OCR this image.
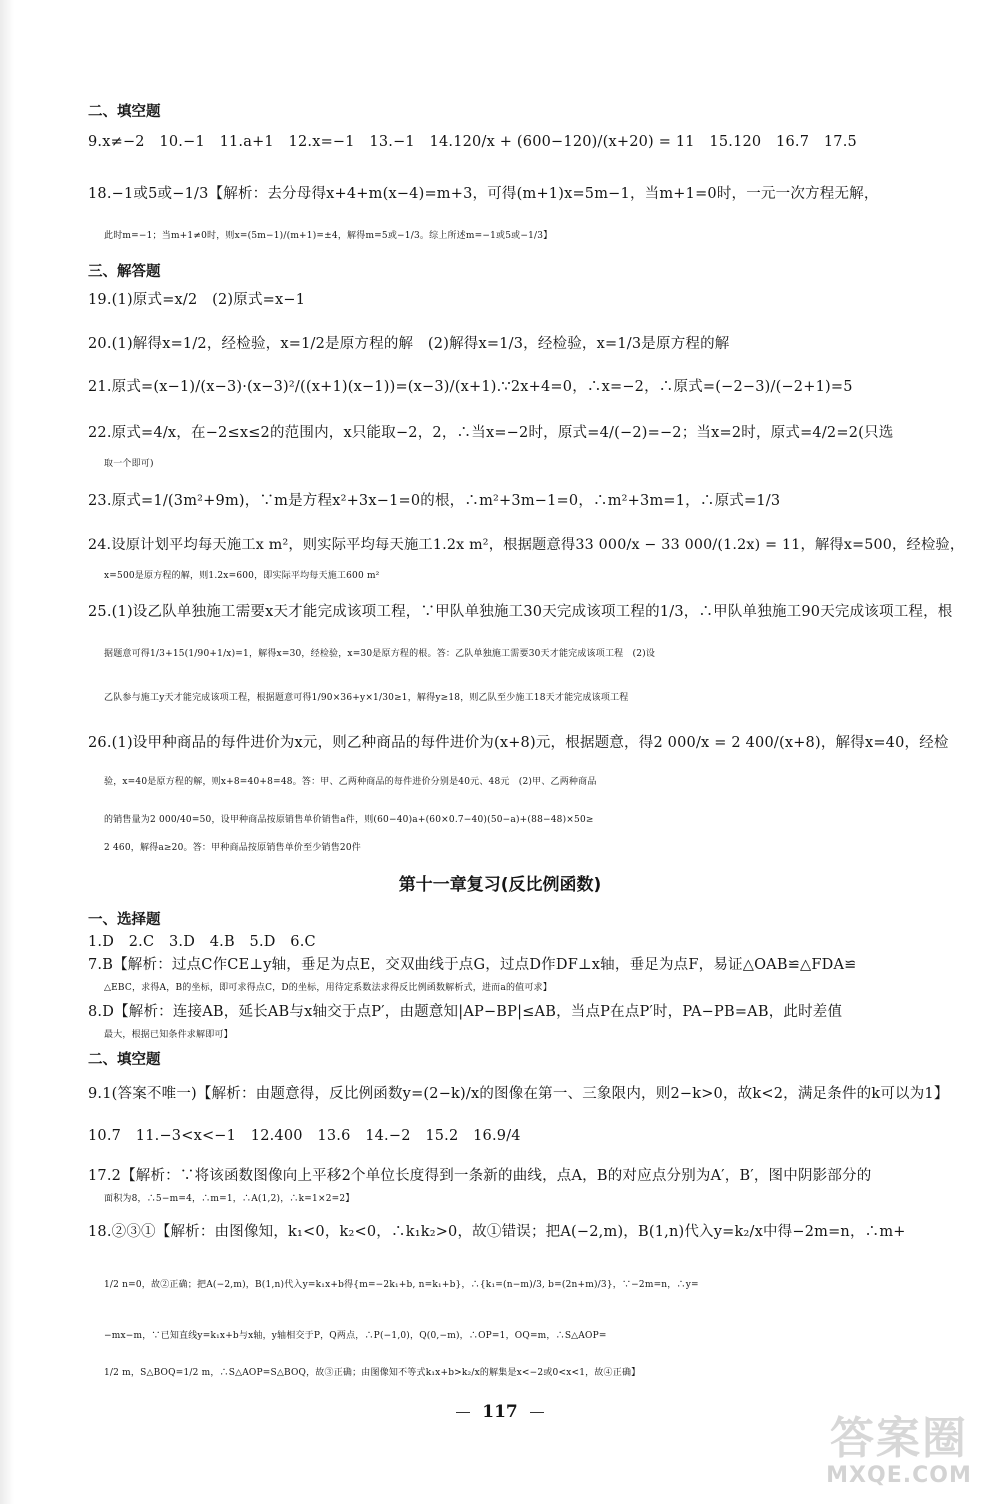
二、填空题
9.x≠−2　10.−1　11.a+1　12.x=−1　13.−1　14.120/x + (600−120)/(x+20) = 11　15.120　16.7　17.5
18.−1或5或−1/3【解析：去分母得x+4+m(x−4)=m+3，可得(m+1)x=5m−1，当m+1=0时，一元一次方程无解，
此时m=−1；当m+1≠0时，则x=(5m−1)/(m+1)=±4，解得m=5或−1/3。综上所述m=−1或5或−1/3】
三、解答题
19.(1)原式=x/2　(2)原式=x−1
20.(1)解得x=1/2，经检验，x=1/2是原方程的解　(2)解得x=1/3，经检验，x=1/3是原方程的解
21.原式=(x−1)/(x−3)·(x−3)²/((x+1)(x−1))=(x−3)/(x+1).∵2x+4=0，∴x=−2，∴原式=(−2−3)/(−2+1)=5
22.原式=4/x，在−2≤x≤2的范围内，x只能取−2，2，∴当x=−2时，原式=4/(−2)=−2；当x=2时，原式=4/2=2(只选
取一个即可)
23.原式=1/(3m²+9m)，∵m是方程x²+3x−1=0的根，∴m²+3m−1=0，∴m²+3m=1，∴原式=1/3
24.设原计划平均每天施工x m²，则实际平均每天施工1.2x m²，根据题意得33 000/x − 33 000/(1.2x) = 11，解得x=500，经检验，
x=500是原方程的解，则1.2x=600，即实际平均每天施工600 m²
25.(1)设乙队单独施工需要x天才能完成该项工程，∵甲队单独施工30天完成该项工程的1/3，∴甲队单独施工90天完成该项工程，根
据题意可得1/3+15(1/90+1/x)=1，解得x=30，经检验，x=30是原方程的根。答：乙队单独施工需要30天才能完成该项工程　(2)设
乙队参与施工y天才能完成该项工程，根据题意可得1/90×36+y×1/30≥1，解得y≥18，则乙队至少施工18天才能完成该项工程
26.(1)设甲种商品的每件进价为x元，则乙种商品的每件进价为(x+8)元，根据题意，得2 000/x = 2 400/(x+8)，解得x=40，经检
验，x=40是原方程的解，则x+8=40+8=48。答：甲、乙两种商品的每件进价分别是40元、48元　(2)甲、乙两种商品
的销售量为2 000/40=50，设甲种商品按原销售单价销售a件，则(60−40)a+(60×0.7−40)(50−a)+(88−48)×50≥
2 460，解得a≥20。答：甲种商品按原销售单价至少销售20件
第十一章复习(反比例函数)
一、选择题
1.D　2.C　3.D　4.B　5.D　6.C
7.B【解析：过点C作CE⊥y轴，垂足为点E，交双曲线于点G，过点D作DF⊥x轴，垂足为点F，易证△OAB≌△FDA≌
△EBC，求得A，B的坐标，即可求得点C，D的坐标，用待定系数法求得反比例函数解析式，进而a的值可求】
8.D【解析：连接AB，延长AB与x轴交于点P′，由题意知|AP−BP|≤AB，当点P在点P′时，PA−PB=AB，此时差值
最大，根据已知条件求解即可】
二、填空题
9.1(答案不唯一)【解析：由题意得，反比例函数y=(2−k)/x的图像在第一、三象限内，则2−k>0，故k<2，满足条件的k可以为1】
10.7　11.−3<x<−1　12.400　13.6　14.−2　15.2　16.9/4
17.2【解析：∵将该函数图像向上平移2个单位长度得到一条新的曲线，点A，B的对应点分别为A′，B′，图中阴影部分的
面积为8，∴5−m=4，∴m=1，∴A(1,2)，∴k=1×2=2】
18.②③①【解析：由图像知，k₁<0，k₂<0，∴k₁k₂>0，故①错误；把A(−2,m)，B(1,n)代入y=k₂/x中得−2m=n，∴m+
1/2 n=0，故②正确；把A(−2,m)，B(1,n)代入y=k₁x+b得{m=−2k₁+b, n=k₁+b}，∴{k₁=(n−m)/3, b=(2n+m)/3}，∵−2m=n，∴y=
−mx−m，∵已知直线y=k₁x+b与x轴，y轴相交于P，Q两点，∴P(−1,0)，Q(0,−m)，∴OP=1，OQ=m，∴S△AOP=
1/2 m，S△BOQ=1/2 m，∴S△AOP=S△BOQ，故③正确；由图像知不等式k₁x+b>k₂/x的解集是x<−2或0<x<1，故④正确】
117
答案圈
MXQE.COM
